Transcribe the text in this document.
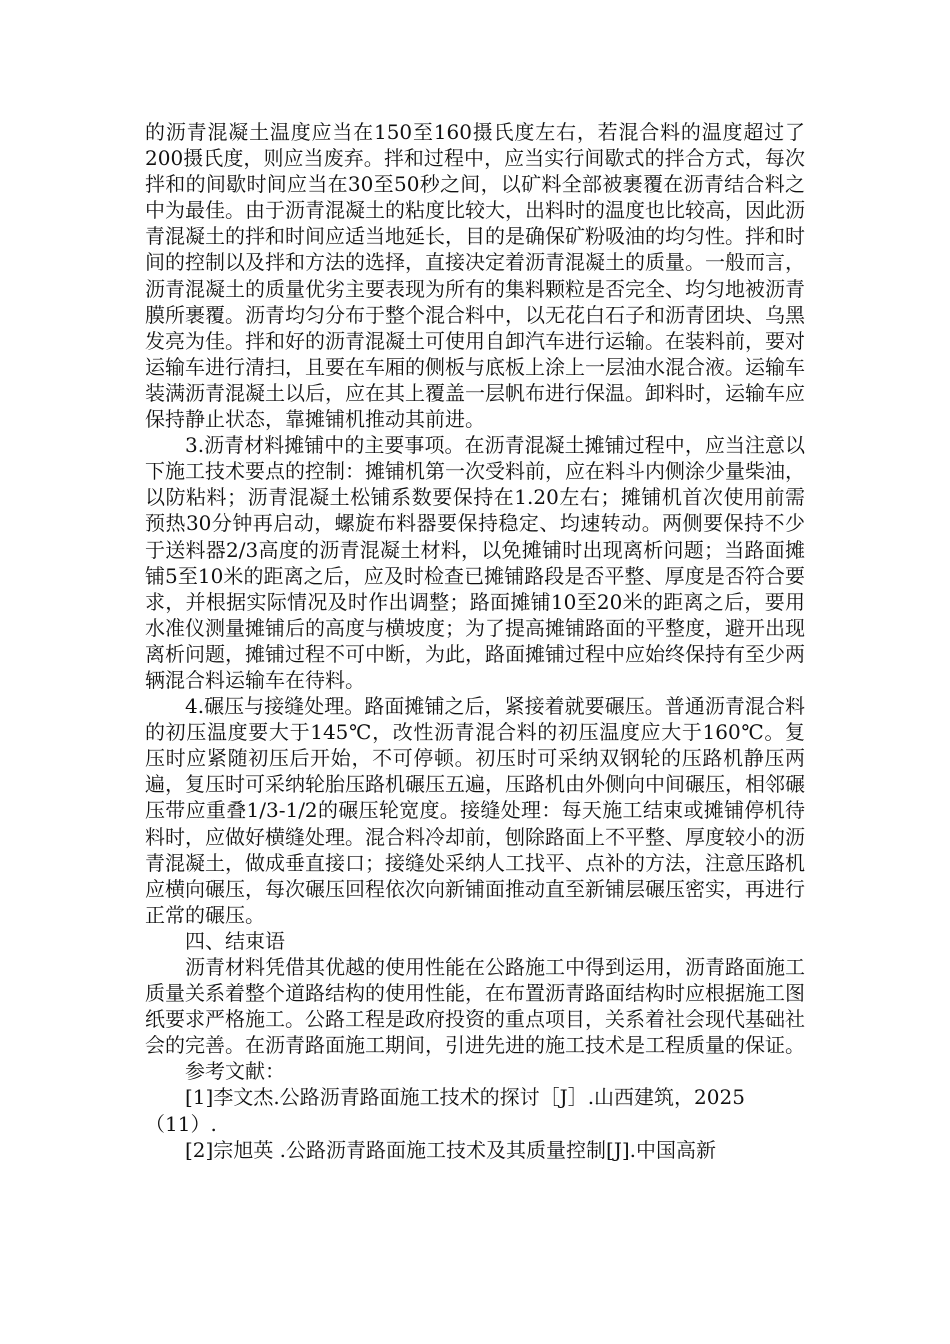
的沥青混凝土温度应当在150至160摄氏度左右，若混合料的温度超过了200摄氏度，则应当废弃。拌和过程中，应当实行间歇式的拌合方式，每次拌和的间歇时间应当在30至50秒之间，以矿料全部被裹覆在沥青结合料之中为最佳。由于沥青混凝土的粘度比较大，出料时的温度也比较高，因此沥青混凝土的拌和时间应适当地延长，目的是确保矿粉吸油的均匀性。拌和时间的控制以及拌和方法的选择，直接决定着沥青混凝土的质量。一般而言，沥青混凝土的质量优劣主要表现为所有的集料颗粒是否完全、均匀地被沥青膜所裹覆。沥青均匀分布于整个混合料中，以无花白石子和沥青团块、乌黑发亮为佳。拌和好的沥青混凝土可使用自卸汽车进行运输。在装料前，要对运输车进行清扫，且要在车厢的侧板与底板上涂上一层油水混合液。运输车装满沥青混凝土以后，应在其上覆盖一层帆布进行保温。卸料时，运输车应保持静止状态，靠摊铺机推动其前进。

3.沥青材料摊铺中的主要事项。在沥青混凝土摊铺过程中，应当注意以下施工技术要点的控制：摊铺机第一次受料前，应在料斗内侧涂少量柴油，以防粘料；沥青混凝土松铺系数要保持在1.20左右；摊铺机首次使用前需预热30分钟再启动，螺旋布料器要保持稳定、均速转动。两侧要保持不少于送料器2/3高度的沥青混凝土材料，以免摊铺时出现离析问题；当路面摊铺5至10米的距离之后，应及时检查已摊铺路段是否平整、厚度是否符合要求，并根据实际情况及时作出调整；路面摊铺10至20米的距离之后，要用水准仪测量摊铺后的高度与横坡度；为了提高摊铺路面的平整度，避开出现离析问题，摊铺过程不可中断，为此，路面摊铺过程中应始终保持有至少两辆混合料运输车在待料。

4.碾压与接缝处理。路面摊铺之后，紧接着就要碾压。普通沥青混合料的初压温度要大于145℃，改性沥青混合料的初压温度应大于160℃。复压时应紧随初压后开始，不可停顿。初压时可采纳双钢轮的压路机静压两遍，复压时可采纳轮胎压路机碾压五遍，压路机由外侧向中间碾压，相邻碾压带应重叠1/3-1/2的碾压轮宽度。接缝处理：每天施工结束或摊铺停机待料时，应做好横缝处理。混合料冷却前，刨除路面上不平整、厚度较小的沥青混凝土，做成垂直接口；接缝处采纳人工找平、点补的方法，注意压路机应横向碾压，每次碾压回程依次向新铺面推动直至新铺层碾压密实，再进行正常的碾压。

四、结束语

沥青材料凭借其优越的使用性能在公路施工中得到运用，沥青路面施工质量关系着整个道路结构的使用性能，在布置沥青路面结构时应根据施工图纸要求严格施工。公路工程是政府投资的重点项目，关系着社会现代基础社会的完善。在沥青路面施工期间，引进先进的施工技术是工程质量的保证。

参考文献：

[1]李文杰.公路沥青路面施工技术的探讨［J］.山西建筑，2025（11）.

[2]宗旭英 .公路沥青路面施工技术及其质量控制[J].中国高新
